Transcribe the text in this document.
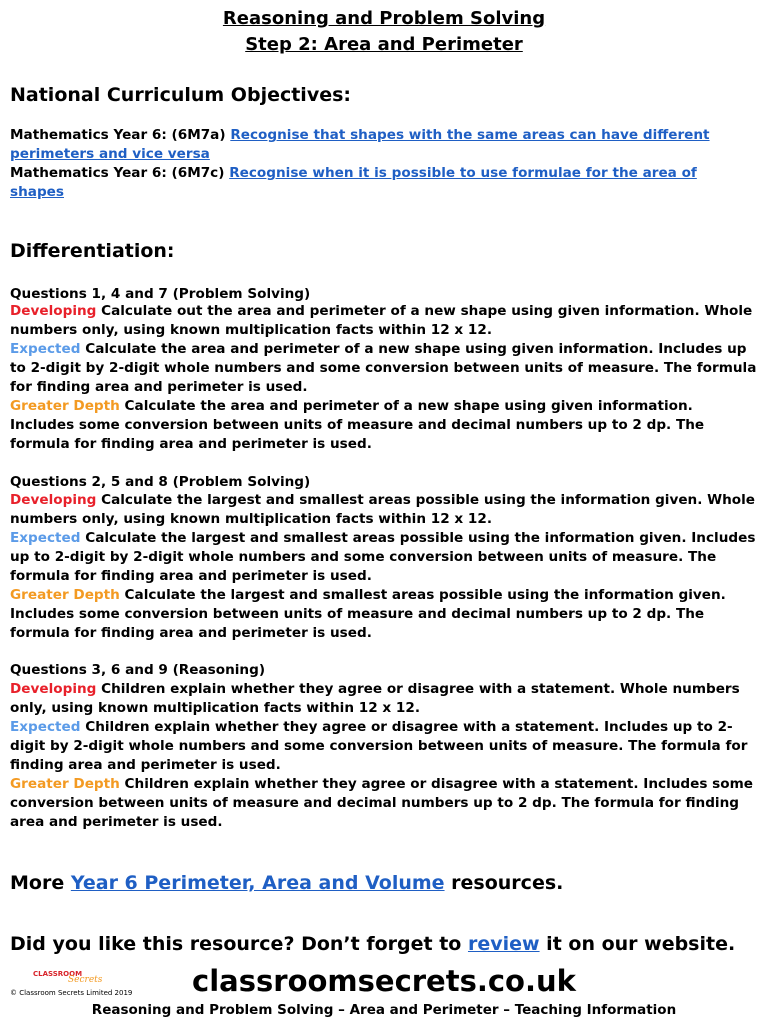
Reasoning and Problem Solving
Step 2: Area and Perimeter
National Curriculum Objectives:
Mathematics Year 6: (6M7a) Recognise that shapes with the same areas can have different perimeters and vice versa
Mathematics Year 6: (6M7c) Recognise when it is possible to use formulae for the area of shapes
Differentiation:
Questions 1, 4 and 7 (Problem Solving)
Developing Calculate out the area and perimeter of a new shape using given information. Whole numbers only, using known multiplication facts within 12 x 12.
Expected Calculate the area and perimeter of a new shape using given information. Includes up to 2-digit by 2-digit whole numbers and some conversion between units of measure. The formula for finding area and perimeter is used.
Greater Depth Calculate the area and perimeter of a new shape using given information. Includes some conversion between units of measure and decimal numbers up to 2 dp. The formula for finding area and perimeter is used.
Questions 2, 5 and 8 (Problem Solving)
Developing Calculate the largest and smallest areas possible using the information given. Whole numbers only, using known multiplication facts within 12 x 12.
Expected Calculate the largest and smallest areas possible using the information given. Includes up to 2-digit by 2-digit whole numbers and some conversion between units of measure. The formula for finding area and perimeter is used.
Greater Depth Calculate the largest and smallest areas possible using the information given. Includes some conversion between units of measure and decimal numbers up to 2 dp. The formula for finding area and perimeter is used.
Questions 3, 6 and 9 (Reasoning)
Developing Children explain whether they agree or disagree with a statement. Whole numbers only, using known multiplication facts within 12 x 12.
Expected Children explain whether they agree or disagree with a statement. Includes up to 2-digit by 2-digit whole numbers and some conversion between units of measure. The formula for finding area and perimeter is used.
Greater Depth Children explain whether they agree or disagree with a statement. Includes some conversion between units of measure and decimal numbers up to 2 dp. The formula for finding area and perimeter is used.
More Year 6 Perimeter, Area and Volume resources.
Did you like this resource? Don’t forget to review it on our website.
CLASSROOM
Secrets
© Classroom Secrets Limited 2019	classroomsecrets.co.uk
Reasoning and Problem Solving – Area and Perimeter – Teaching Information
